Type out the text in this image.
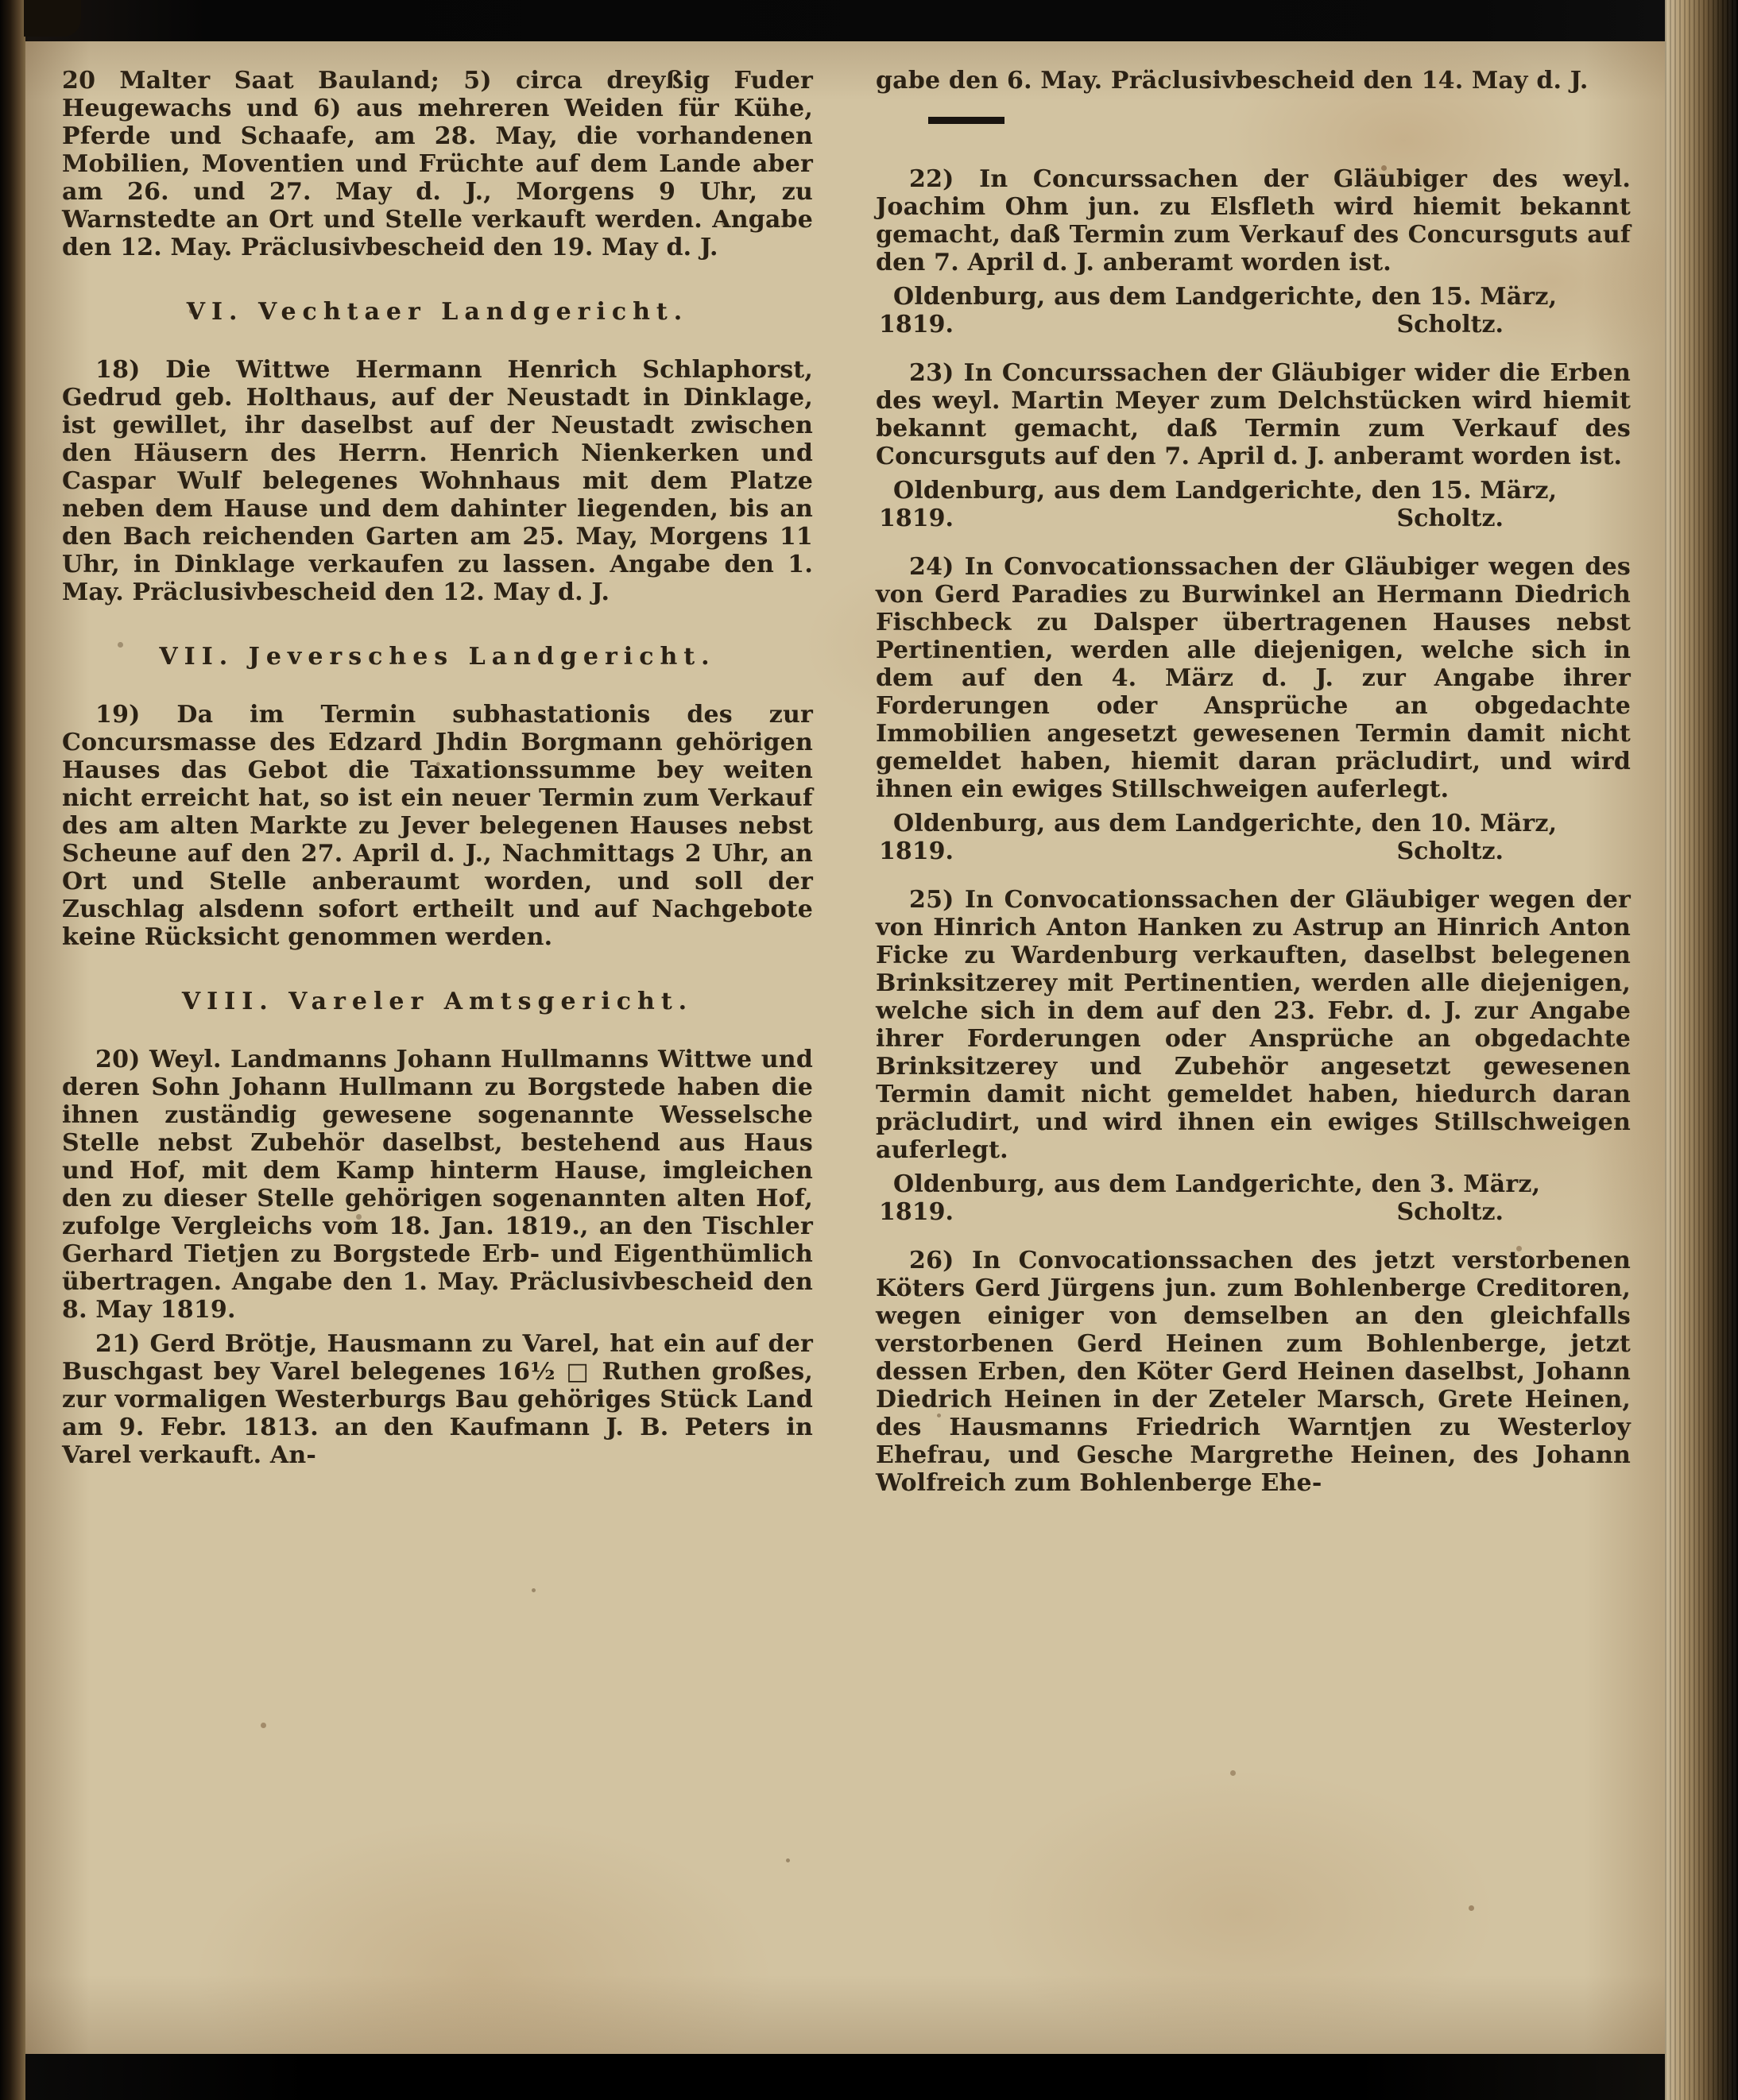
20 Malter Saat Bauland; 5) circa dreyßig Fuder Heugewachs und 6) aus mehreren Weiden für Kühe, Pferde und Schaafe, am 28. May, die vorhandenen Mobilien, Moventien und Früchte auf dem Lande aber am 26. und 27. May d. J., Morgens 9 Uhr, zu Warnstedte an Ort und Stelle verkauft werden. Angabe den 12. May. Präclusivbescheid den 19. May d. J.

VI. Vechtaer Landgericht.

18) Die Wittwe Hermann Henrich Schlaphorst, Gedrud geb. Holthaus, auf der Neustadt in Dinklage, ist gewillet, ihr daselbst auf der Neustadt zwischen den Häusern des Herrn. Henrich Nienkerken und Caspar Wulf belegenes Wohnhaus mit dem Platze neben dem Hause und dem dahinter liegenden, bis an den Bach reichenden Garten am 25. May, Morgens 11 Uhr, in Dinklage verkaufen zu lassen. Angabe den 1. May. Präclusivbescheid den 12. May d. J.

VII. Jeversches Landgericht.

19) Da im Termin subhastationis des zur Concursmasse des Edzard Jhdin Borgmann gehörigen Hauses das Gebot die Taxationssumme bey weiten nicht erreicht hat, so ist ein neuer Termin zum Verkauf des am alten Markte zu Jever belegenen Hauses nebst Scheune auf den 27. April d. J., Nachmittags 2 Uhr, an Ort und Stelle anberaumt worden, und soll der Zuschlag alsdenn sofort ertheilt und auf Nachgebote keine Rücksicht genommen werden.

VIII. Vareler Amtsgericht.

20) Weyl. Landmanns Johann Hullmanns Wittwe und deren Sohn Johann Hullmann zu Borgstede haben die ihnen zuständig gewesene sogenannte Wesselsche Stelle nebst Zubehör daselbst, bestehend aus Haus und Hof, mit dem Kamp hinterm Hause, imgleichen den zu dieser Stelle gehörigen sogenannten alten Hof, zufolge Vergleichs vom 18. Jan. 1819., an den Tischler Gerhard Tietjen zu Borgstede Erb- und Eigenthümlich übertragen. Angabe den 1. May. Präclusivbescheid den 8. May 1819.

21) Gerd Brötje, Hausmann zu Varel, hat ein auf der Buschgast bey Varel belegenes 16½ □ Ruthen großes, zur vormaligen Westerburgs Bau gehöriges Stück Land am 9. Febr. 1813. an den Kaufmann J. B. Peters in Varel verkauft. An-

gabe den 6. May. Präclusivbescheid den 14. May d. J.

22) In Concurssachen der Gläubiger des weyl. Joachim Ohm jun. zu Elsfleth wird hiemit bekannt gemacht, daß Termin zum Verkauf des Concursguts auf den 7. April d. J. anberamt worden ist.

Oldenburg, aus dem Landgerichte, den 15. März,

1819.	Scholtz.

23) In Concurssachen der Gläubiger wider die Erben des weyl. Martin Meyer zum Delchstücken wird hiemit bekannt gemacht, daß Termin zum Verkauf des Concursguts auf den 7. April d. J. anberamt worden ist.

Oldenburg, aus dem Landgerichte, den 15. März,

1819.	Scholtz.

24) In Convocationssachen der Gläubiger wegen des von Gerd Paradies zu Burwinkel an Hermann Diedrich Fischbeck zu Dalsper übertragenen Hauses nebst Pertinentien, werden alle diejenigen, welche sich in dem auf den 4. März d. J. zur Angabe ihrer Forderungen oder Ansprüche an obgedachte Immobilien angesetzt gewesenen Termin damit nicht gemeldet haben, hiemit daran präcludirt, und wird ihnen ein ewiges Stillschweigen auferlegt.

Oldenburg, aus dem Landgerichte, den 10. März,

1819.	Scholtz.

25) In Convocationssachen der Gläubiger wegen der von Hinrich Anton Hanken zu Astrup an Hinrich Anton Ficke zu Wardenburg verkauften, daselbst belegenen Brinksitzerey mit Pertinentien, werden alle diejenigen, welche sich in dem auf den 23. Febr. d. J. zur Angabe ihrer Forderungen oder Ansprüche an obgedachte Brinksitzerey und Zubehör angesetzt gewesenen Termin damit nicht gemeldet haben, hiedurch daran präcludirt, und wird ihnen ein ewiges Stillschweigen auferlegt.

Oldenburg, aus dem Landgerichte, den 3. März,

1819.	Scholtz.

26) In Convocationssachen des jetzt verstorbenen Köters Gerd Jürgens jun. zum Bohlenberge Creditoren, wegen einiger von demselben an den gleichfalls verstorbenen Gerd Heinen zum Bohlenberge, jetzt dessen Erben, den Köter Gerd Heinen daselbst, Johann Diedrich Heinen in der Zeteler Marsch, Grete Heinen, des Hausmanns Friedrich Warntjen zu Westerloy Ehefrau, und Gesche Margrethe Heinen, des Johann Wolfreich zum Bohlenberge Ehe-
